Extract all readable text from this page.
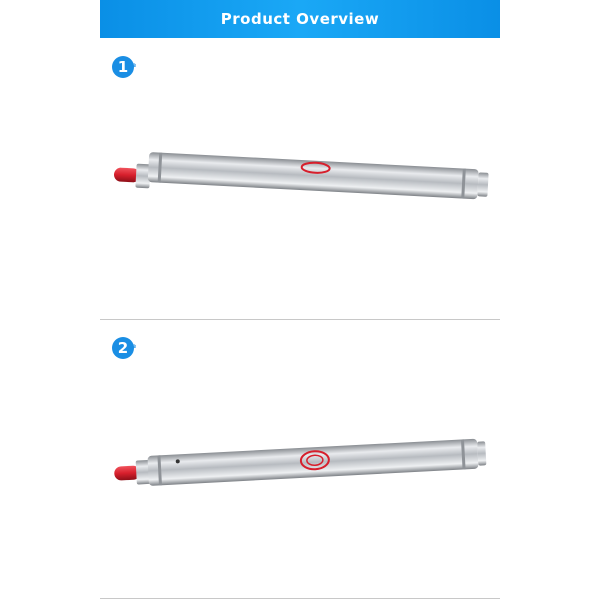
Product Overview
1 e
2 e
